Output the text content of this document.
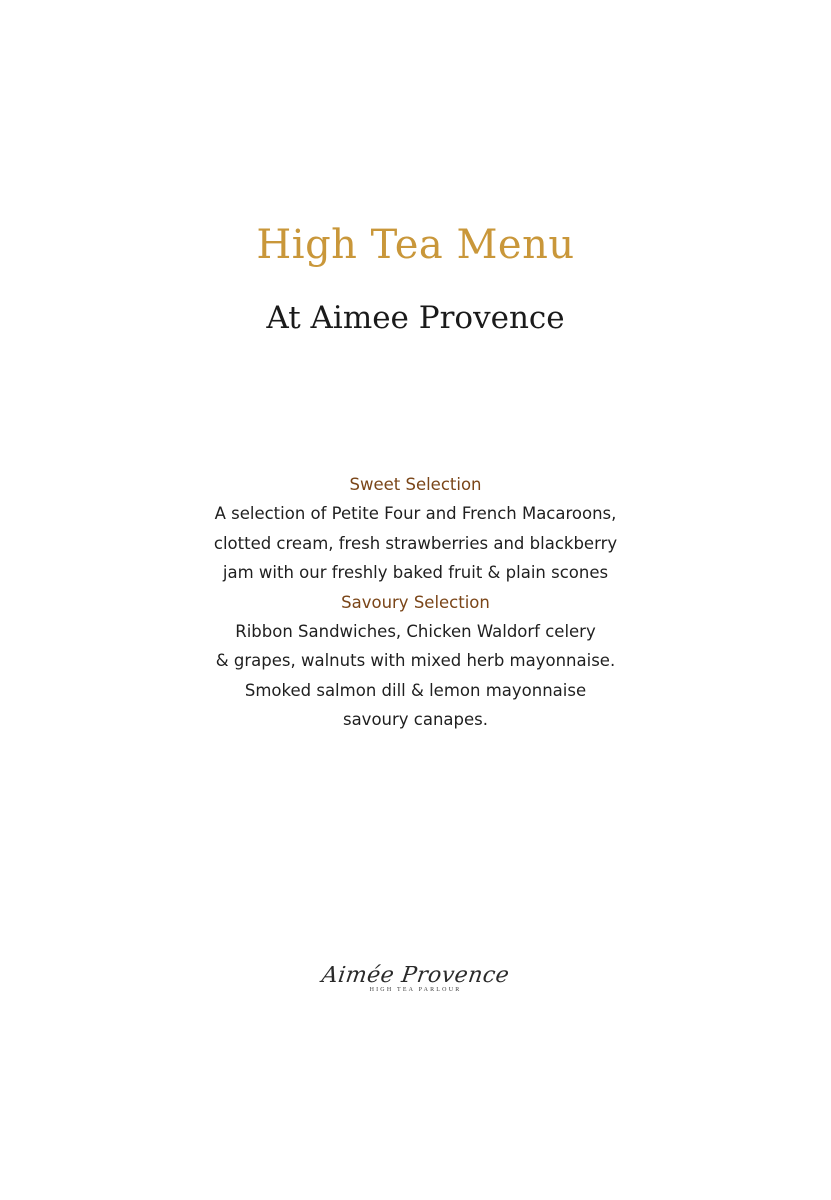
High Tea Menu
At Aimee Provence
Sweet Selection
A selection of Petite Four and French Macaroons,
clotted cream, fresh strawberries and blackberry
jam with our freshly baked fruit & plain scones
Savoury Selection
Ribbon Sandwiches, Chicken Waldorf celery
& grapes, walnuts with mixed herb mayonnaise.
Smoked salmon dill & lemon mayonnaise
savoury canapes.
Aimée Provence
HIGH TEA PARLOUR
